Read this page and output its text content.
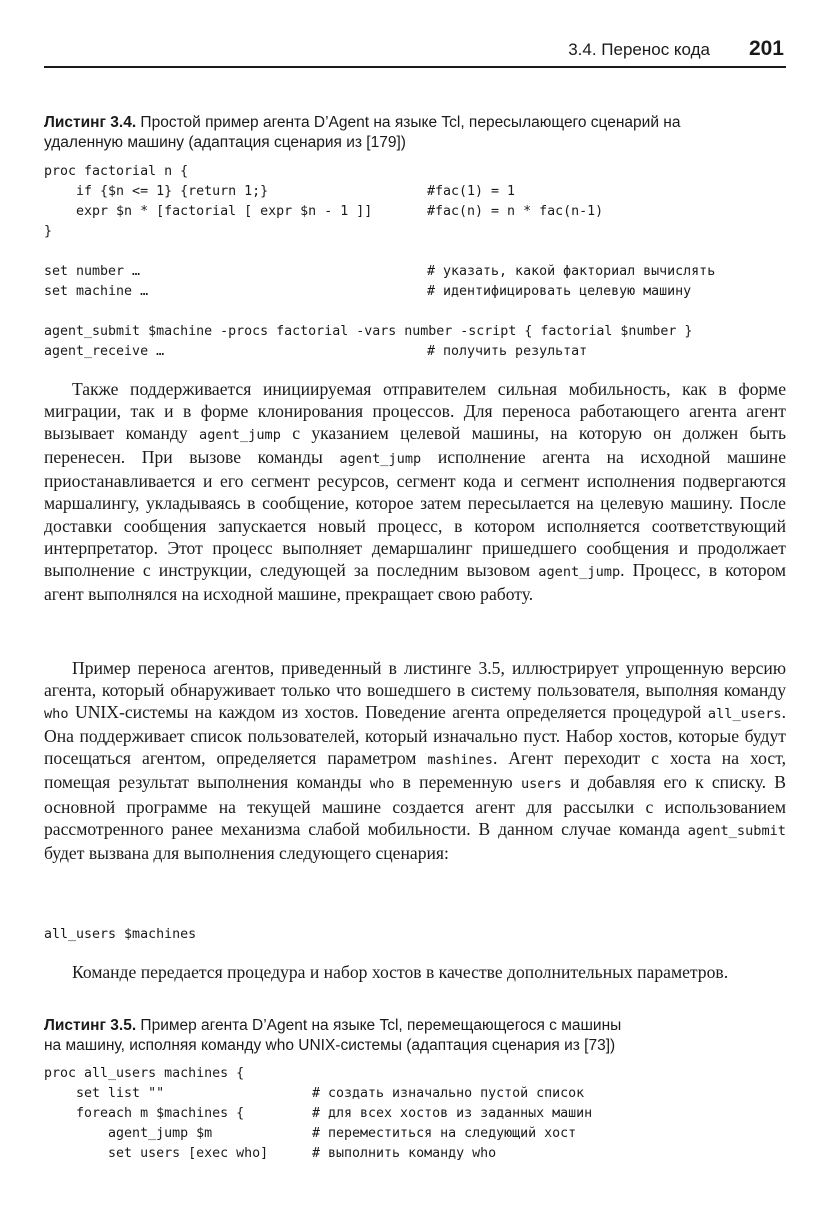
3.4. Перенос кода 201
Листинг 3.4. Простой пример агента D’Agent на языке Tcl, пересылающего сценарий на
удаленную машину (адаптация сценария из [179])
proc factorial n {
if {$n <= 1} {return 1;}	#fac(1) = 1
expr $n * [factorial [ expr $n - 1 ]]	#fac(n) = n * fac(n-1)
}
set number …	# указать, какой факториал вычислять
set machine …	# идентифицировать целевую машину
agent_submit $machine -procs factorial -vars number -script { factorial $number }
agent_receive …	# получить результат

Также поддерживается инициируемая отправителем сильная мобильность, как в форме миграции, так и в форме клонирования процессов. Для переноса работающего агента агент вызывает команду agent_jump с указанием целевой машины, на которую он должен быть перенесен. При вызове команды agent_jump исполнение агента на исходной машине приостанавливается и его сегмент ресурсов, сегмент кода и сегмент исполнения подвергаются маршалингу, укладываясь в сообщение, которое затем пересылается на целевую машину. После доставки сообщения запускается новый процесс, в котором исполняется соответствующий интерпретатор. Этот процесс выполняет демаршалинг пришедшего сообщения и продолжает выполнение с инструкции, следующей за последним вызовом agent_jump. Процесс, в котором агент выполнялся на исходной машине, прекращает свою работу.

Пример переноса агентов, приведенный в листинге 3.5, иллюстрирует упрощенную версию агента, который обнаруживает только что вошедшего в систему пользователя, выполняя команду who UNIX-системы на каждом из хостов. Поведение агента определяется процедурой all_users. Она поддерживает список пользователей, который изначально пуст. Набор хостов, которые будут посещаться агентом, определяется параметром mashines. Агент переходит с хоста на хост, помещая результат выполнения команды who в переменную users и добавляя его к списку. В основной программе на текущей машине создается агент для рассылки с использованием рассмотренного ранее механизма слабой мобильности. В данном случае команда agent_submit будет вызвана для выполнения следующего сценария:

all_users $machines

Команде передается процедура и набор хостов в качестве дополнительных параметров.

Листинг 3.5. Пример агента D’Agent на языке Tcl, перемещающегося с машины
на машину, исполняя команду who UNIX-системы (адаптация сценария из [73])
proc all_users machines {
set list ""	# создать изначально пустой список
foreach m $machines {	# для всех хостов из заданных машин
agent_jump $m	# переместиться на следующий хост
set users [exec who]	# выполнить команду who
